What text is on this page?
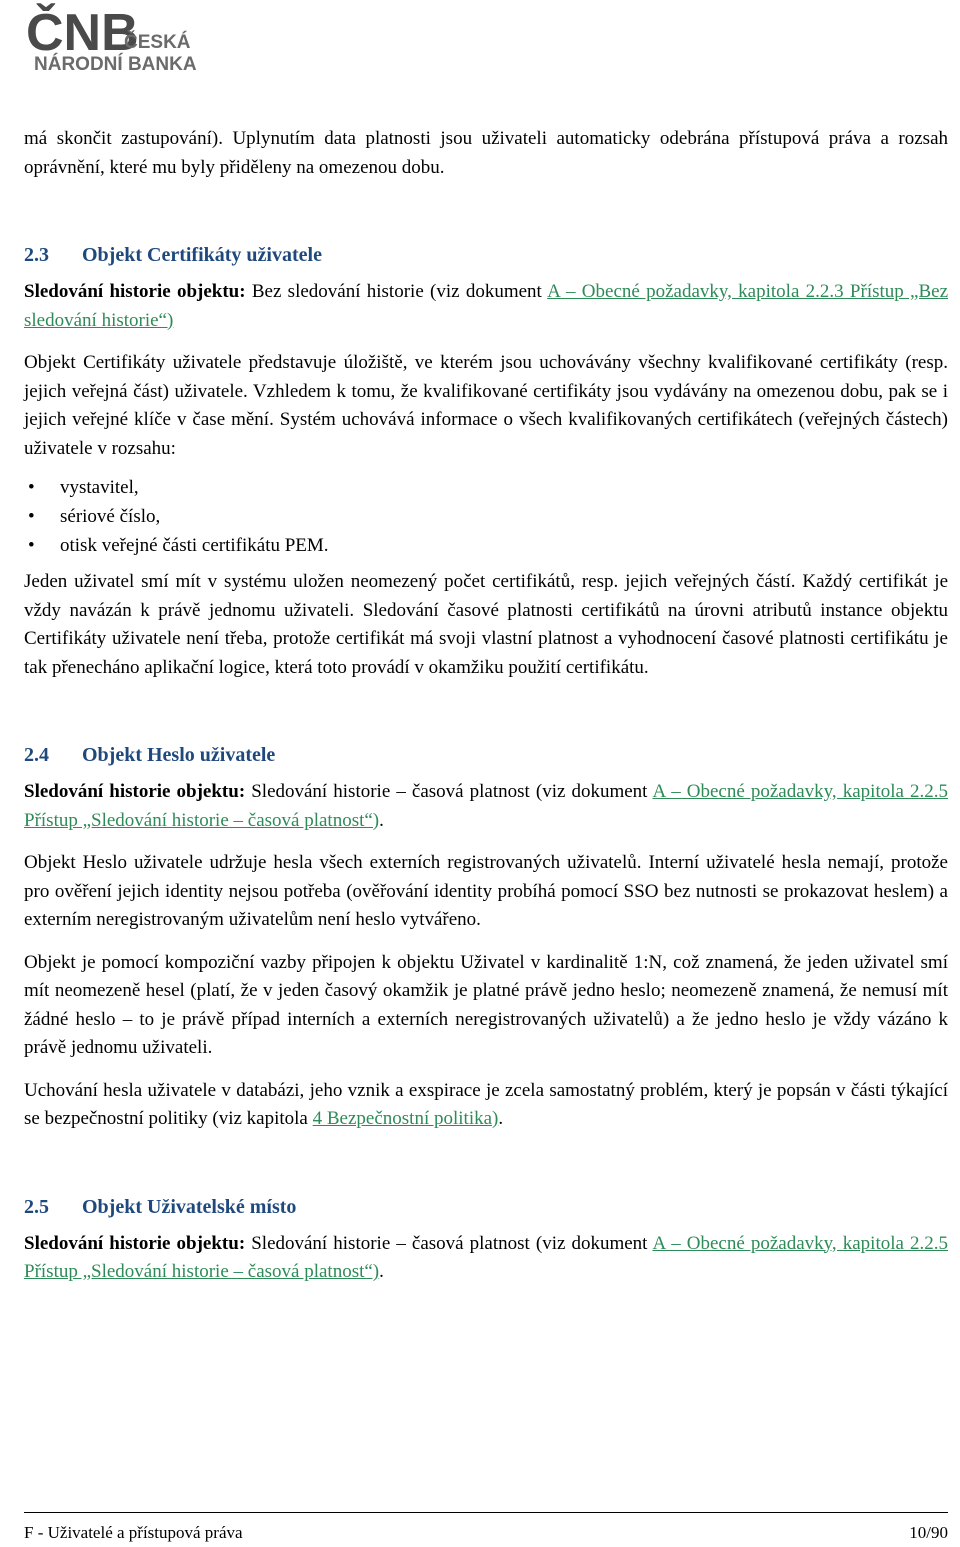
ČNB
ČESKÁ
NÁRODNÍ BANKA

má skončit zastupování). Uplynutím data platnosti jsou uživateli automaticky odebrána přístupová práva a rozsah oprávnění, které mu byly přiděleny na omezenou dobu.

2.3 Objekt Certifikáty uživatele

Sledování historie objektu: Bez sledování historie (viz dokument A – Obecné požadavky, kapitola 2.2.3 Přístup „Bez sledování historie“)

Objekt Certifikáty uživatele představuje úložiště, ve kterém jsou uchovávány všechny kvalifikované certifikáty (resp. jejich veřejná část) uživatele. Vzhledem k tomu, že kvalifikované certifikáty jsou vydávány na omezenou dobu, pak se i jejich veřejné klíče v čase mění. Systém uchovává informace o všech kvalifikovaných certifikátech (veřejných částech) uživatele v rozsahu:

• vystavitel,
• sériové číslo,
• otisk veřejné části certifikátu PEM.

Jeden uživatel smí mít v systému uložen neomezený počet certifikátů, resp. jejich veřejných částí. Každý certifikát je vždy navázán k právě jednomu uživateli. Sledování časové platnosti certifikátů na úrovni atributů instance objektu Certifikáty uživatele není třeba, protože certifikát má svoji vlastní platnost a vyhodnocení časové platnosti certifikátu je tak přenecháno aplikační logice, která toto provádí v okamžiku použití certifikátu.

2.4 Objekt Heslo uživatele

Sledování historie objektu: Sledování historie – časová platnost (viz dokument A – Obecné požadavky, kapitola 2.2.5 Přístup „Sledování historie – časová platnost“).

Objekt Heslo uživatele udržuje hesla všech externích registrovaných uživatelů. Interní uživatelé hesla nemají, protože pro ověření jejich identity nejsou potřeba (ověřování identity probíhá pomocí SSO bez nutnosti se prokazovat heslem) a externím neregistrovaným uživatelům není heslo vytvářeno.

Objekt je pomocí kompoziční vazby připojen k objektu Uživatel v kardinalitě 1:N, což znamená, že jeden uživatel smí mít neomezeně hesel (platí, že v jeden časový okamžik je platné právě jedno heslo; neomezeně znamená, že nemusí mít žádné heslo – to je právě případ interních a externích neregistrovaných uživatelů) a že jedno heslo je vždy vázáno k právě jednomu uživateli.

Uchování hesla uživatele v databázi, jeho vznik a exspirace je zcela samostatný problém, který je popsán v části týkající se bezpečnostní politiky (viz kapitola 4 Bezpečnostní politika).

2.5 Objekt Uživatelské místo

Sledování historie objektu: Sledování historie – časová platnost (viz dokument A – Obecné požadavky, kapitola 2.2.5 Přístup „Sledování historie – časová platnost“).

F - Uživatelé a přístupová práva	10/90
